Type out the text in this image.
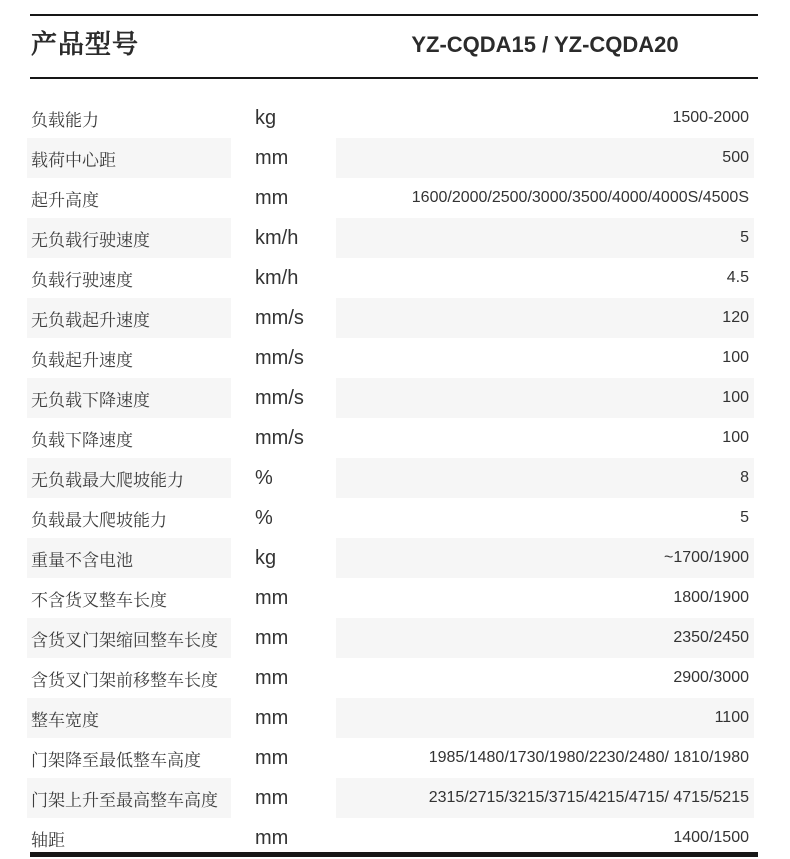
产品型号	YZ-CQDA15 / YZ-CQDA20
负载能力	kg	1500-2000
载荷中心距	mm	500
起升高度	mm	1600/2000/2500/3000/3500/4000/4000S/4500S
无负载行驶速度	km/h	5
负载行驶速度	km/h	4.5
无负载起升速度	mm/s	120
负载起升速度	mm/s	100
无负载下降速度	mm/s	100
负载下降速度	mm/s	100
无负载最大爬坡能力	%	8
负载最大爬坡能力	%	5
重量不含电池	kg	~1700/1900
不含货叉整车长度	mm	1800/1900
含货叉门架缩回整车长度	mm	2350/2450
含货叉门架前移整车长度	mm	2900/3000
整车宽度	mm	1100
门架降至最低整车高度	mm	1985/1480/1730/1980/2230/2480/ 1810/1980
门架上升至最高整车高度	mm	2315/2715/3215/3715/4215/4715/ 4715/5215
轴距	mm	1400/1500
